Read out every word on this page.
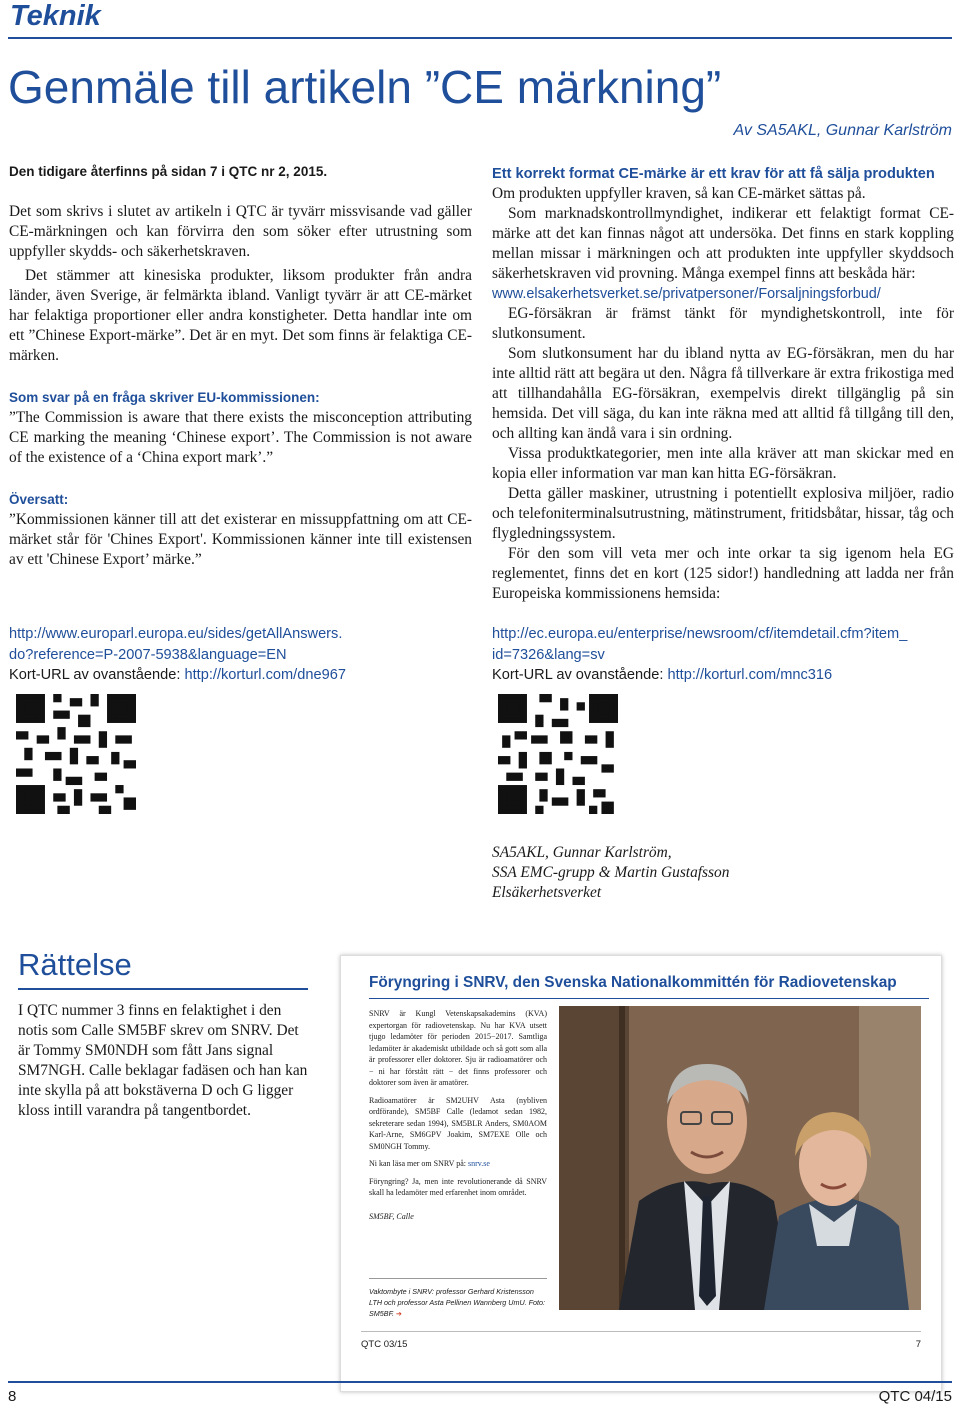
Teknik
Genmäle till artikeln ”CE märkning”
Av SA5AKL, Gunnar Karlström
Den tidigare återfinns på sidan 7 i QTC nr 2, 2015.

Det som skrivs i slutet av artikeln i QTC är tyvärr missvisande vad gäller CE-märkningen och kan förvirra den som söker efter utrustning som uppfyller skydds- och säkerhetskraven.

Det stämmer att kinesiska produkter, liksom produkter från andra länder, även Sverige, är felmärkta ibland. Vanligt tyvärr är att CE-märket har felaktiga proportioner eller andra konstigheter. Detta handlar inte om ett ”Chinese Export-märke”. Det är en myt. Det som finns är felaktiga CE-märken.

Som svar på en fråga skriver EU-kommissionen:

”The Commission is aware that there exists the misconception attributing CE marking the meaning ‘Chinese export’. The Commission is not aware of the existence of a ‘China export mark’.”

Översatt:

”Kommissionen känner till att det existerar en missuppfattning om att CE-märket står för 'Chines Export'. Kommissionen känner inte till existensen av ett 'Chinese Export’ märke.”

http://www.europarl.europa.eu/sides/getAllAnswers.
do?reference=P-2007-5938&language=EN
Kort-URL av ovanstående: http://korturl.com/dne967
Ett korrekt format CE-märke är ett krav för att få sälja produkten

Om produkten uppfyller kraven, så kan CE-märket sättas på.

Som marknadskontrollmyndighet, indikerar ett felaktigt format CE-märke att det kan finnas något att undersöka. Det finns en stark koppling mellan missar i märkningen och att produkten inte uppfyller skyddsoch säkerhetskraven vid provning. Många exempel finns att beskåda här:

www.elsakerhetsverket.se/privatpersoner/Forsaljningsforbud/

EG-försäkran är främst tänkt för myndighetskontroll, inte för slutkonsument.

Som slutkonsument har du ibland nytta av EG-försäkran, men du har inte alltid rätt att begära ut den. Några få tillverkare är extra frikostiga med att tillhandahålla EG-försäkran, exempelvis direkt tillgänglig på sin hemsida. Det vill säga, du kan inte räkna med att alltid få tillgång till den, och allting kan ändå vara i sin ordning.

Vissa produktkategorier, men inte alla kräver att man skickar med en kopia eller information var man kan hitta EG-försäkran.

Detta gäller maskiner, utrustning i potentiellt explosiva miljöer, radio och telefoniterminalsutrustning, mätinstrument, fritidsbåtar, hissar, tåg och flygledningssystem.

För den som vill veta mer och inte orkar ta sig igenom hela EG reglementet, finns det en kort (125 sidor!) handledning att ladda ner från Europeiska kommissionens hemsida:

http://ec.europa.eu/enterprise/newsroom/cf/itemdetail.cfm?item_
id=7326&lang=sv
Kort-URL av ovanstående: http://korturl.com/mnc316
SA5AKL, Gunnar Karlström,
SSA EMC-grupp & Martin Gustafsson
Elsäkerhetsverket
Rättelse

I QTC nummer 3 finns en felaktighet i den notis som Calle SM5BF skrev om SNRV. Det är Tommy SM0NDH som fått Jans signal SM7NGH. Calle beklagar fadäsen och han kan inte skylla på att bokstäverna D och G ligger kloss intill varandra på tangentbordet.

Föryngring i SNRV, den Svenska Nationalkommittén för Radiovetenskap

SNRV är Kungl Vetenskapsakademins (KVA) expertorgan för radiovetenskap. Nu har KVA utsett tjugo ledamöter för perioden 2015−2017. Samtliga ledamöter är akademiskt utbildade och så gott som alla är professorer eller doktorer. Sju är radioamatörer och − ni har förstått rätt − det finns professorer och doktorer som även är amatörer.

Radioamatörer är SM2UHV Asta (nybliven ordförande), SM5BF Calle (ledamot sedan 1982, sekreterare sedan 1994), SM5BLR Anders, SM0AOM Karl-Arne, SM6GPV Joakim, SM7EXE Olle och SM0NGH Tommy.

Ni kan läsa mer om SNRV på: snrv.se

Föryngring? Ja, men inte revolutionerande då SNRV skall ha ledamöter med erfarenhet inom området.

SM5BF, Calle

Vaktombyte i SNRV: professor Gerhard Kristensson LTH och professor Asta Pellinen Wannberg UmU. Foto: SM5BF. ➔
QTC 03/15	7
8	QTC 04/15
